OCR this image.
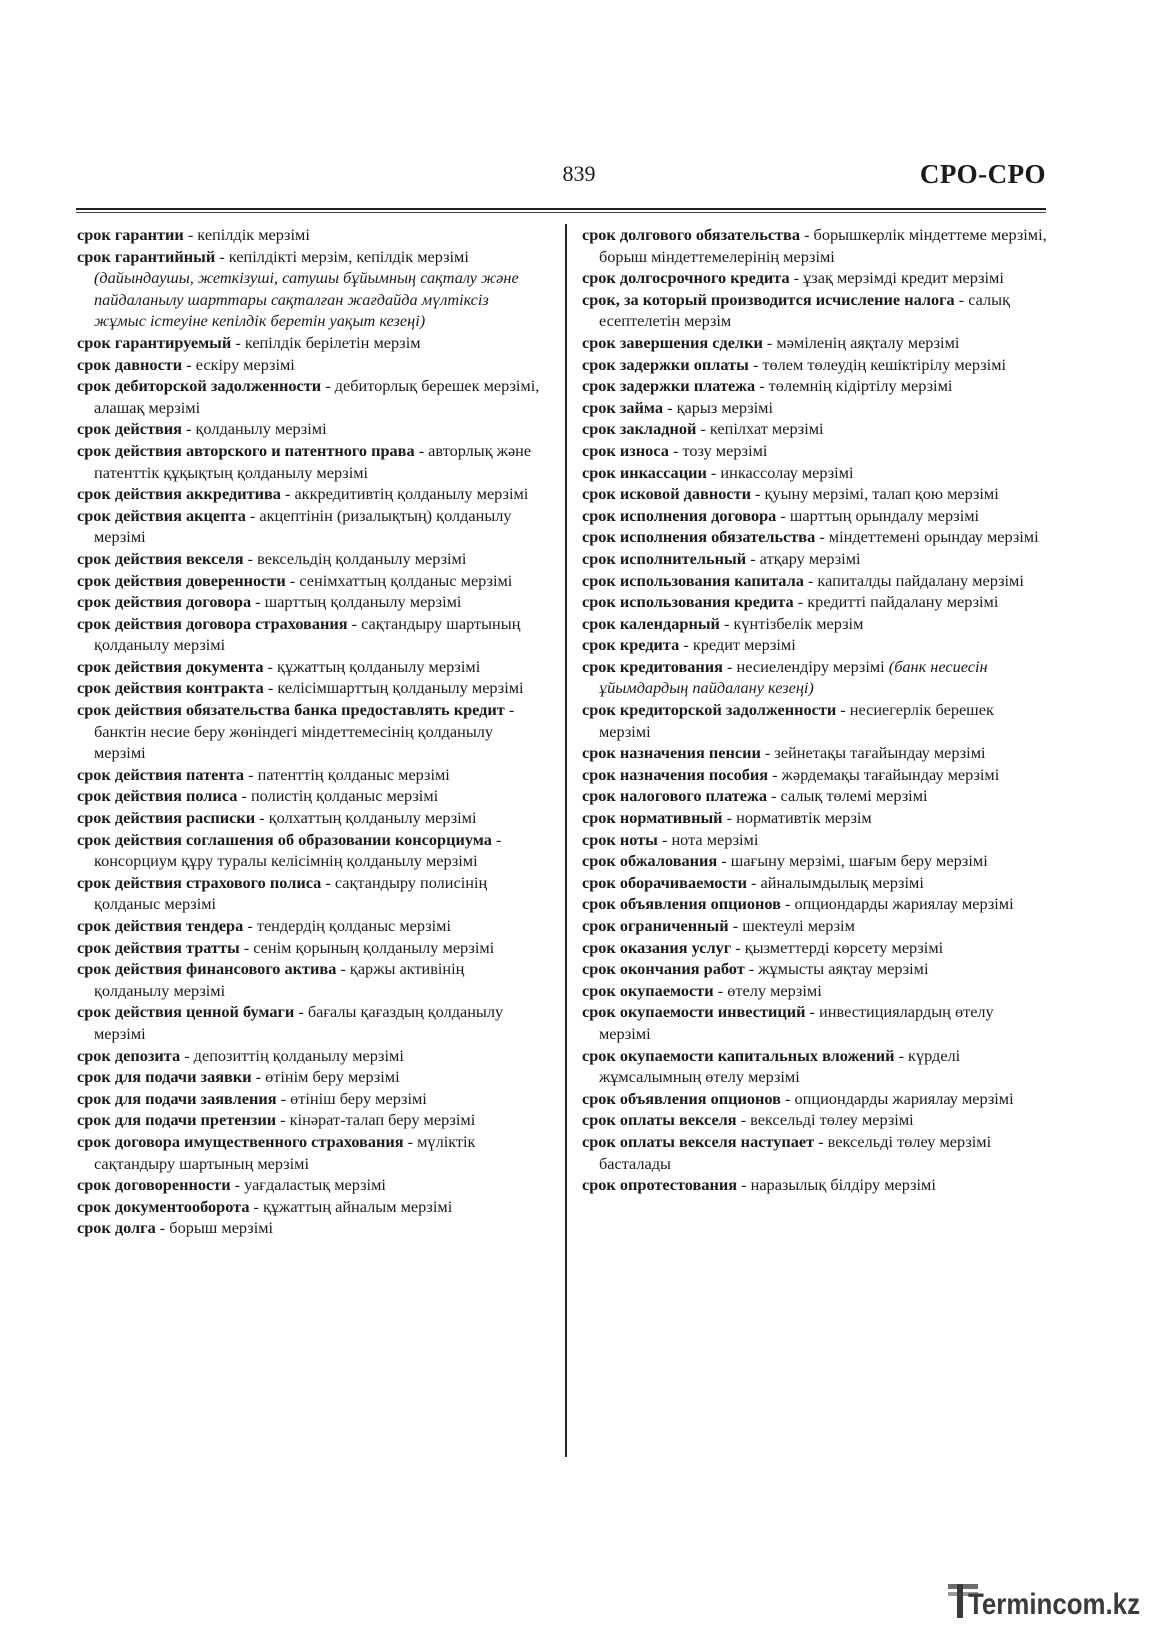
839	СРО-СРО
срок гарантии - кепілдік мерзімі
срок гарантийный - кепілдікті мерзім, кепілдік мерзімі (дайындаушы, жеткізуші, сатушы бұйымның сақталу және пайдаланылу шарттары сақталған жағдайда мүлтіксіз жұмыс істеуіне кепілдік беретін уақыт кезеңі)
срок гарантируемый - кепілдік берілетін мерзім
срок давности - ескіру мерзімі
срок дебиторской задолженности - дебиторлық берешек мерзімі, алашақ мерзімі
срок действия - қолданылу мерзімі
срок действия авторского и патентного права - авторлық және патенттік құқықтың қолданылу мерзімі
срок действия аккредитива - аккредитивтің қолданылу мерзімі
срок действия акцепта - акцептінін (ризалықтың) қолданылу мерзімі
срок действия векселя - вексельдің қолданылу мерзімі
срок действия доверенности - сенімхаттың қолданыс мерзімі
срок действия договора - шарттың қолданылу мерзімі
срок действия договора страхования - сақтандыру шартының қолданылу мерзімі
срок действия документа - құжаттың қолданылу мерзімі
срок действия контракта - келісімшарттың қолданылу мерзімі
срок действия обязательства банка предоставлять кредит - банктін несие беру жөніндегі міндеттемесінің қолданылу мерзімі
срок действия патента - патенттің қолданыс мерзімі
срок действия полиса - полистің қолданыс мерзімі
срок действия расписки - қолхаттың қолданылу мерзімі
срок действия соглашения об образовании консорциума - консорциум құру туралы келісімнің қолданылу мерзімі
срок действия страхового полиса - сақтандыру полисінің қолданыс мерзімі
срок действия тендера - тендердің қолданыс мерзімі
срок действия тратты - сенім қорының қолданылу мерзімі
срок действия финансового актива - қаржы активінің қолданылу мерзімі
срок действия ценной бумаги - бағалы қағаздың қолданылу мерзімі
срок депозита - депозиттің қолданылу мерзімі
срок для подачи заявки - өтінім беру мерзімі
срок для подачи заявления - өтініш беру мерзімі
срок для подачи претензии - кінәрат-талап беру мерзімі
срок договора имущественного страхования - мүліктік сақтандыру шартының мерзімі
срок договоренности - уағдаластық мерзімі
срок документооборота - құжаттың айналым мерзімі
срок долга - борыш мерзімі
срок долгового обязательства - борышкерлік міндеттеме мерзімі, борыш міндеттемелерінің мерзімі
срок долгосрочного кредита - ұзақ мерзімді кредит мерзімі
срок, за который производится исчисление налога - салық есептелетін мерзім
срок завершения сделки - мәміленің аяқталу мерзімі
срок задержки оплаты - төлем төлеудің кешіктірілу мерзімі
срок задержки платежа - төлемнің кідіртілу мерзімі
срок займа - қарыз мерзімі
срок закладной - кепілхат мерзімі
срок износа - тозу мерзімі
срок инкассации - инкассолау мерзімі
срок исковой давности - қуыну мерзімі, талап қою мерзімі
срок исполнения договора - шарттың орындалу мерзімі
срок исполнения обязательства - міндеттемені орындау мерзімі
срок исполнительный - атқару мерзімі
срок использования капитала - капиталды пайдалану мерзімі
срок использования кредита - кредитті пайдалану мерзімі
срок календарный - күнтізбелік мерзім
срок кредита - кредит мерзімі
срок кредитования - несиелендіру мерзімі (банк несиесін ұйымдардың пайдалану кезеңі)
срок кредиторской задолженности - несиегерлік берешек мерзімі
срок назначения пенсии - зейнетақы тағайындау мерзімі
срок назначения пособия - жәрдемақы тағайындау мерзімі
срок налогового платежа - салық төлемі мерзімі
срок нормативный - нормативтік мерзім
срок ноты - нота мерзімі
срок обжалования - шағыну мерзімі, шағым беру мерзімі
срок оборачиваемости - айналымдылық мерзімі
срок объявления опционов - опциондарды жариялау мерзімі
срок ограниченный - шектеулі мерзім
срок оказания услуг - қызметтерді көрсету мерзімі
срок окончания работ - жұмысты аяқтау мерзімі
срок окупаемости - өтелу мерзімі
срок окупаемости инвестиций - инвестициялардың өтелу мерзімі
срок окупаемости капитальных вложений - күрделі жұмсалымның өтелу мерзімі
срок объявления опционов - опциондарды жариялау мерзімі
срок оплаты векселя - вексельді төлеу мерзімі
срок оплаты векселя наступает - вексельді төлеу мерзімі басталады
срок опротестования - наразылық білдіру мерзімі
Termincom.kz
